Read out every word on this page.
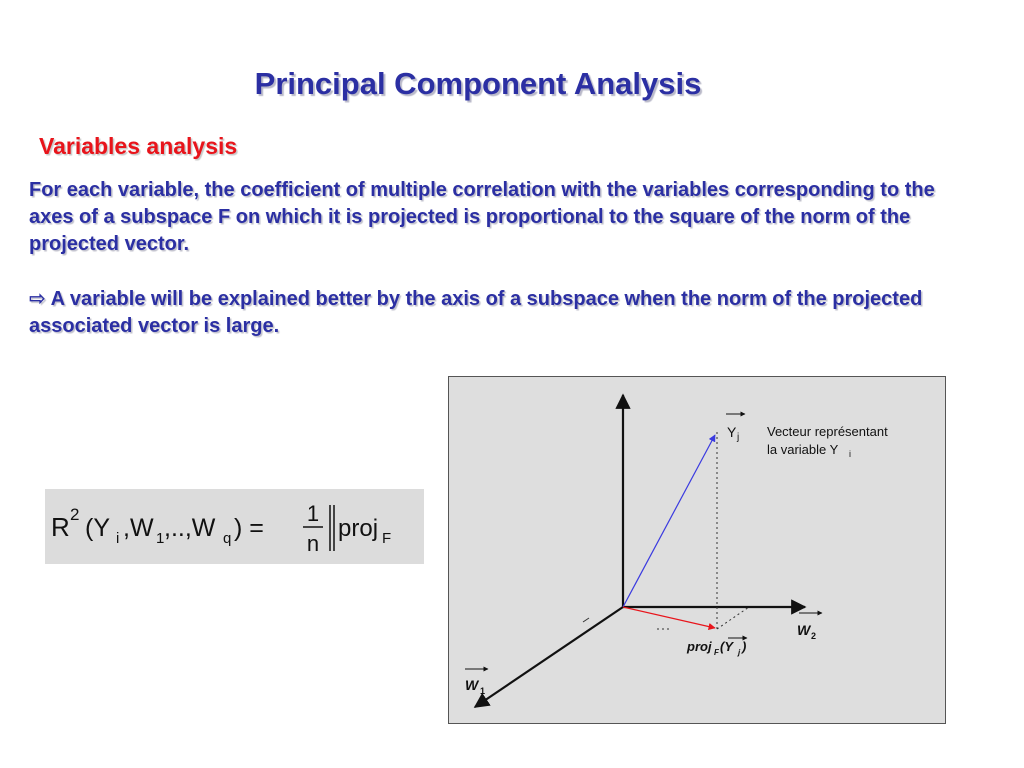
Principal Component Analysis
Variables analysis

For each variable, the coefficient of multiple correlation with the variables corresponding to the axes of a subspace F on which it is projected is proportional to the square of the norm of the projected vector.

⇨ A variable will be explained better by the axis of a subspace when the norm of the projected associated vector is large.

R 2 (Y i ,W 1 ,..,W q ) =
1
n
proj F
Y j Vecteur représentant
la variable Y i
W 2
W 1
proj F (Y j )
